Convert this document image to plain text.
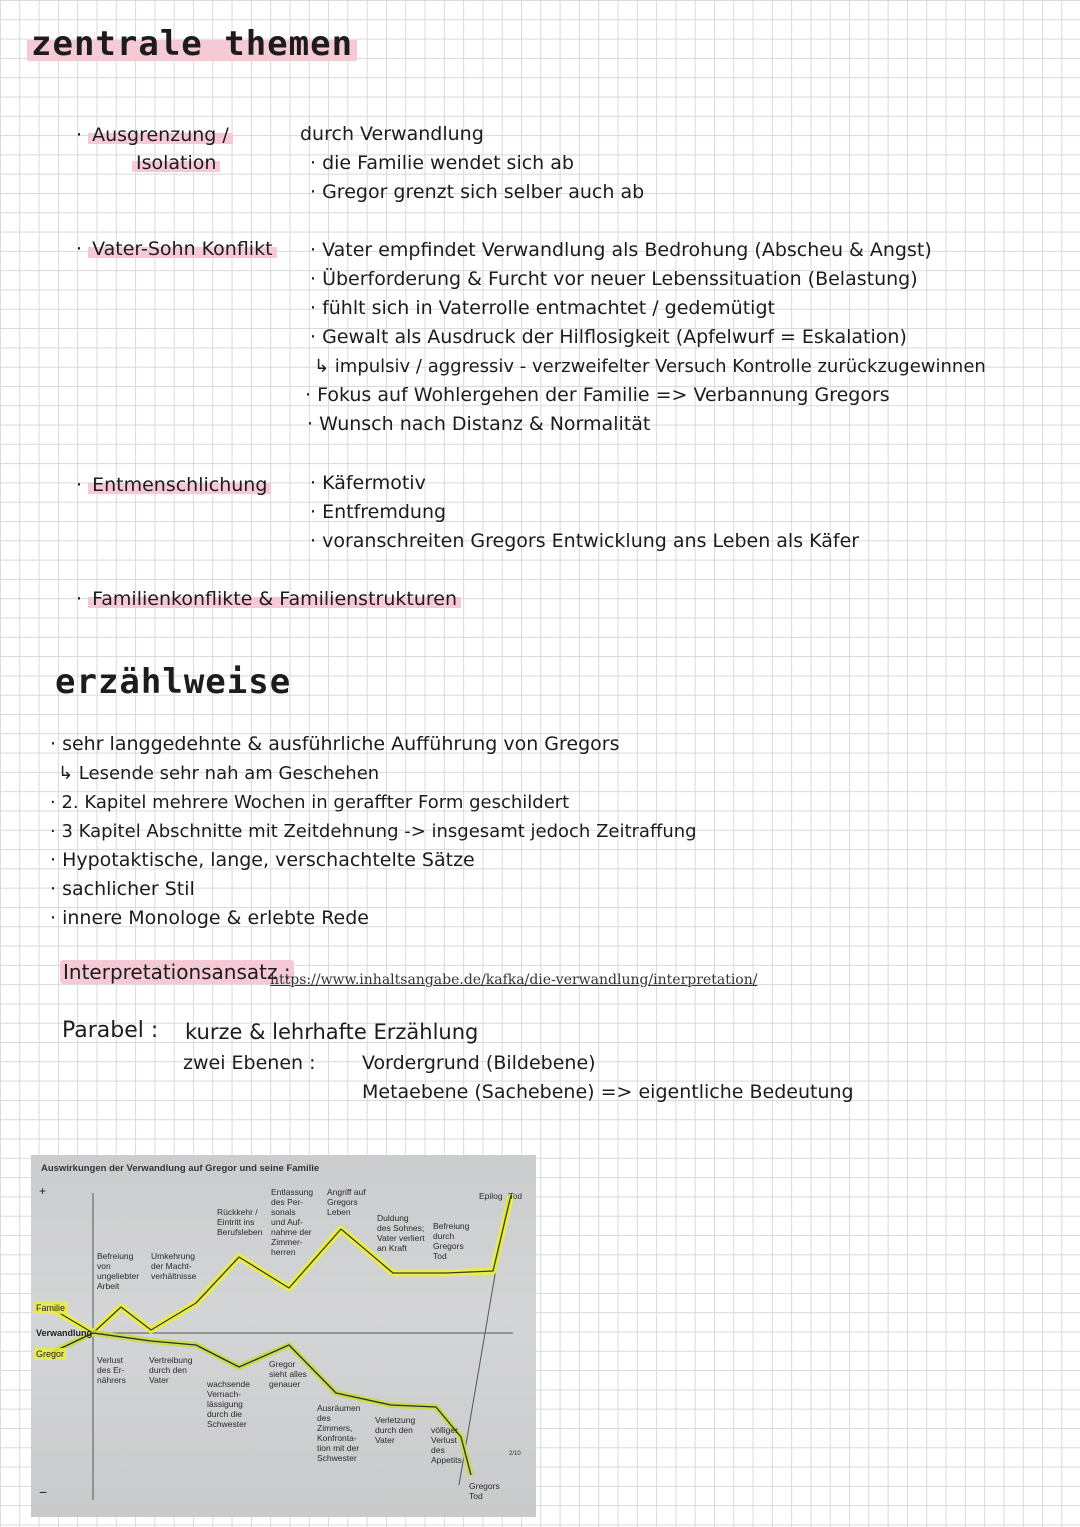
zentrale themen
· Ausgrenzung /
Isolation
durch Verwandlung
· die Familie wendet sich ab
· Gregor grenzt sich selber auch ab
· Vater-Sohn Konflikt · Vater empfindet Verwandlung als Bedrohung (Abscheu & Angst)
· Überforderung & Furcht vor neuer Lebenssituation (Belastung)
· fühlt sich in Vaterrolle entmachtet / gedemütigt
· Gewalt als Ausdruck der Hilflosigkeit (Apfelwurf = Eskalation)
↳ impulsiv / aggressiv - verzweifelter Versuch Kontrolle zurückzugewinnen
· Fokus auf Wohlergehen der Familie => Verbannung Gregors
· Wunsch nach Distanz & Normalität
· Entmenschlichung · Käfermotiv
· Entfremdung
· voranschreiten Gregors Entwicklung ans Leben als Käfer
· Familienkonflikte & Familienstrukturen
erzählweise
· sehr langgedehnte & ausführliche Aufführung von Gregors
↳ Lesende sehr nah am Geschehen
· 2. Kapitel mehrere Wochen in geraffter Form geschildert
· 3 Kapitel Abschnitte mit Zeitdehnung -> insgesamt jedoch Zeitraffung
· Hypotaktische, lange, verschachtelte Sätze
· sachlicher Stil
· innere Monologe & erlebte Rede
Interpretationsansatz :
https://www.inhaltsangabe.de/kafka/die-verwandlung/interpretation/
Parabel : kurze & lehrhafte Erzählung
zwei Ebenen : Vordergrund (Bildebene)
Metaebene (Sachebene) => eigentliche Bedeutung
Auswirkungen der Verwandlung auf Gregor und seine Familie
+
−
Familie
Verwandlung
Gregor
Befreiung
von
ungeliebter
Arbeit
Umkehrung
der Macht-
verhältnisse
Rückkehr /
Eintritt ins
Berufsleben
Entlassung
des Per-
sonals
und Auf-
nahme der
Zimmer-
herren
Angriff auf
Gregors
Leben
Duldung
des Sohnes;
Vater verliert
an Kraft
Befreiung
durch
Gregors
Tod
Epilog Tod
Verlust
des Er-
nährers
Vertreibung
durch den
Vater	wachsende
Vernach-
lässigung
durch die
Schwester
Gregor
sieht alles
genauer
Ausräumen
des
Zimmers,
Konfronta-
tion mit der
Schwester
Verletzung
durch den
Vater
völliger
Verlust
des
Appetits
Gregors
Tod
2/10
